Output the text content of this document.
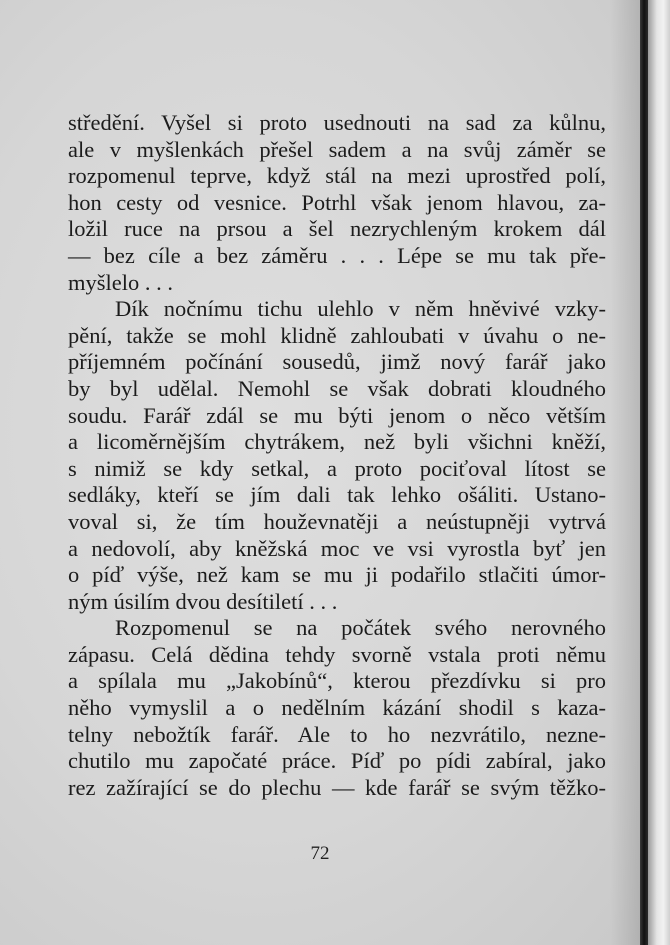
středění. Vyšel si proto usednouti na sad za kůlnu,
ale v myšlenkách přešel sadem a na svůj záměr se
rozpomenul teprve, když stál na mezi uprostřed polí,
hon cesty od vesnice. Potrhl však jenom hlavou, za-
ložil ruce na prsou a šel nezrychleným krokem dál
— bez cíle a bez záměru . . . Lépe se mu tak pře-
myšlelo . . .
Dík nočnímu tichu ulehlo v něm hněvivé vzky-
pění, takže se mohl klidně zahloubati v úvahu o ne-
příjemném počínání sousedů, jimž nový farář jako
by byl udělal. Nemohl se však dobrati kloudného
soudu. Farář zdál se mu býti jenom o něco větším
a licoměrnějším chytrákem, než byli všichni kněží,
s nimiž se kdy setkal, a proto pociťoval lítost se
sedláky, kteří se jím dali tak lehko ošáliti. Ustano-
voval si, že tím houževnatěji a neústupněji vytrvá
a nedovolí, aby kněžská moc ve vsi vyrostla byť jen
o píď výše, než kam se mu ji podařilo stlačiti úmor-
ným úsilím dvou desítiletí . . .
Rozpomenul se na počátek svého nerovného
zápasu. Celá dědina tehdy svorně vstala proti němu
a spílala mu „Jakobínů“, kterou přezdívku si pro
něho vymyslil a o nedělním kázání shodil s kaza-
telny nebožtík farář. Ale to ho nezvrátilo, nezne-
chutilo mu započaté práce. Píď po pídi zabíral, jako
rez zažírající se do plechu — kde farář se svým těžko-
72
